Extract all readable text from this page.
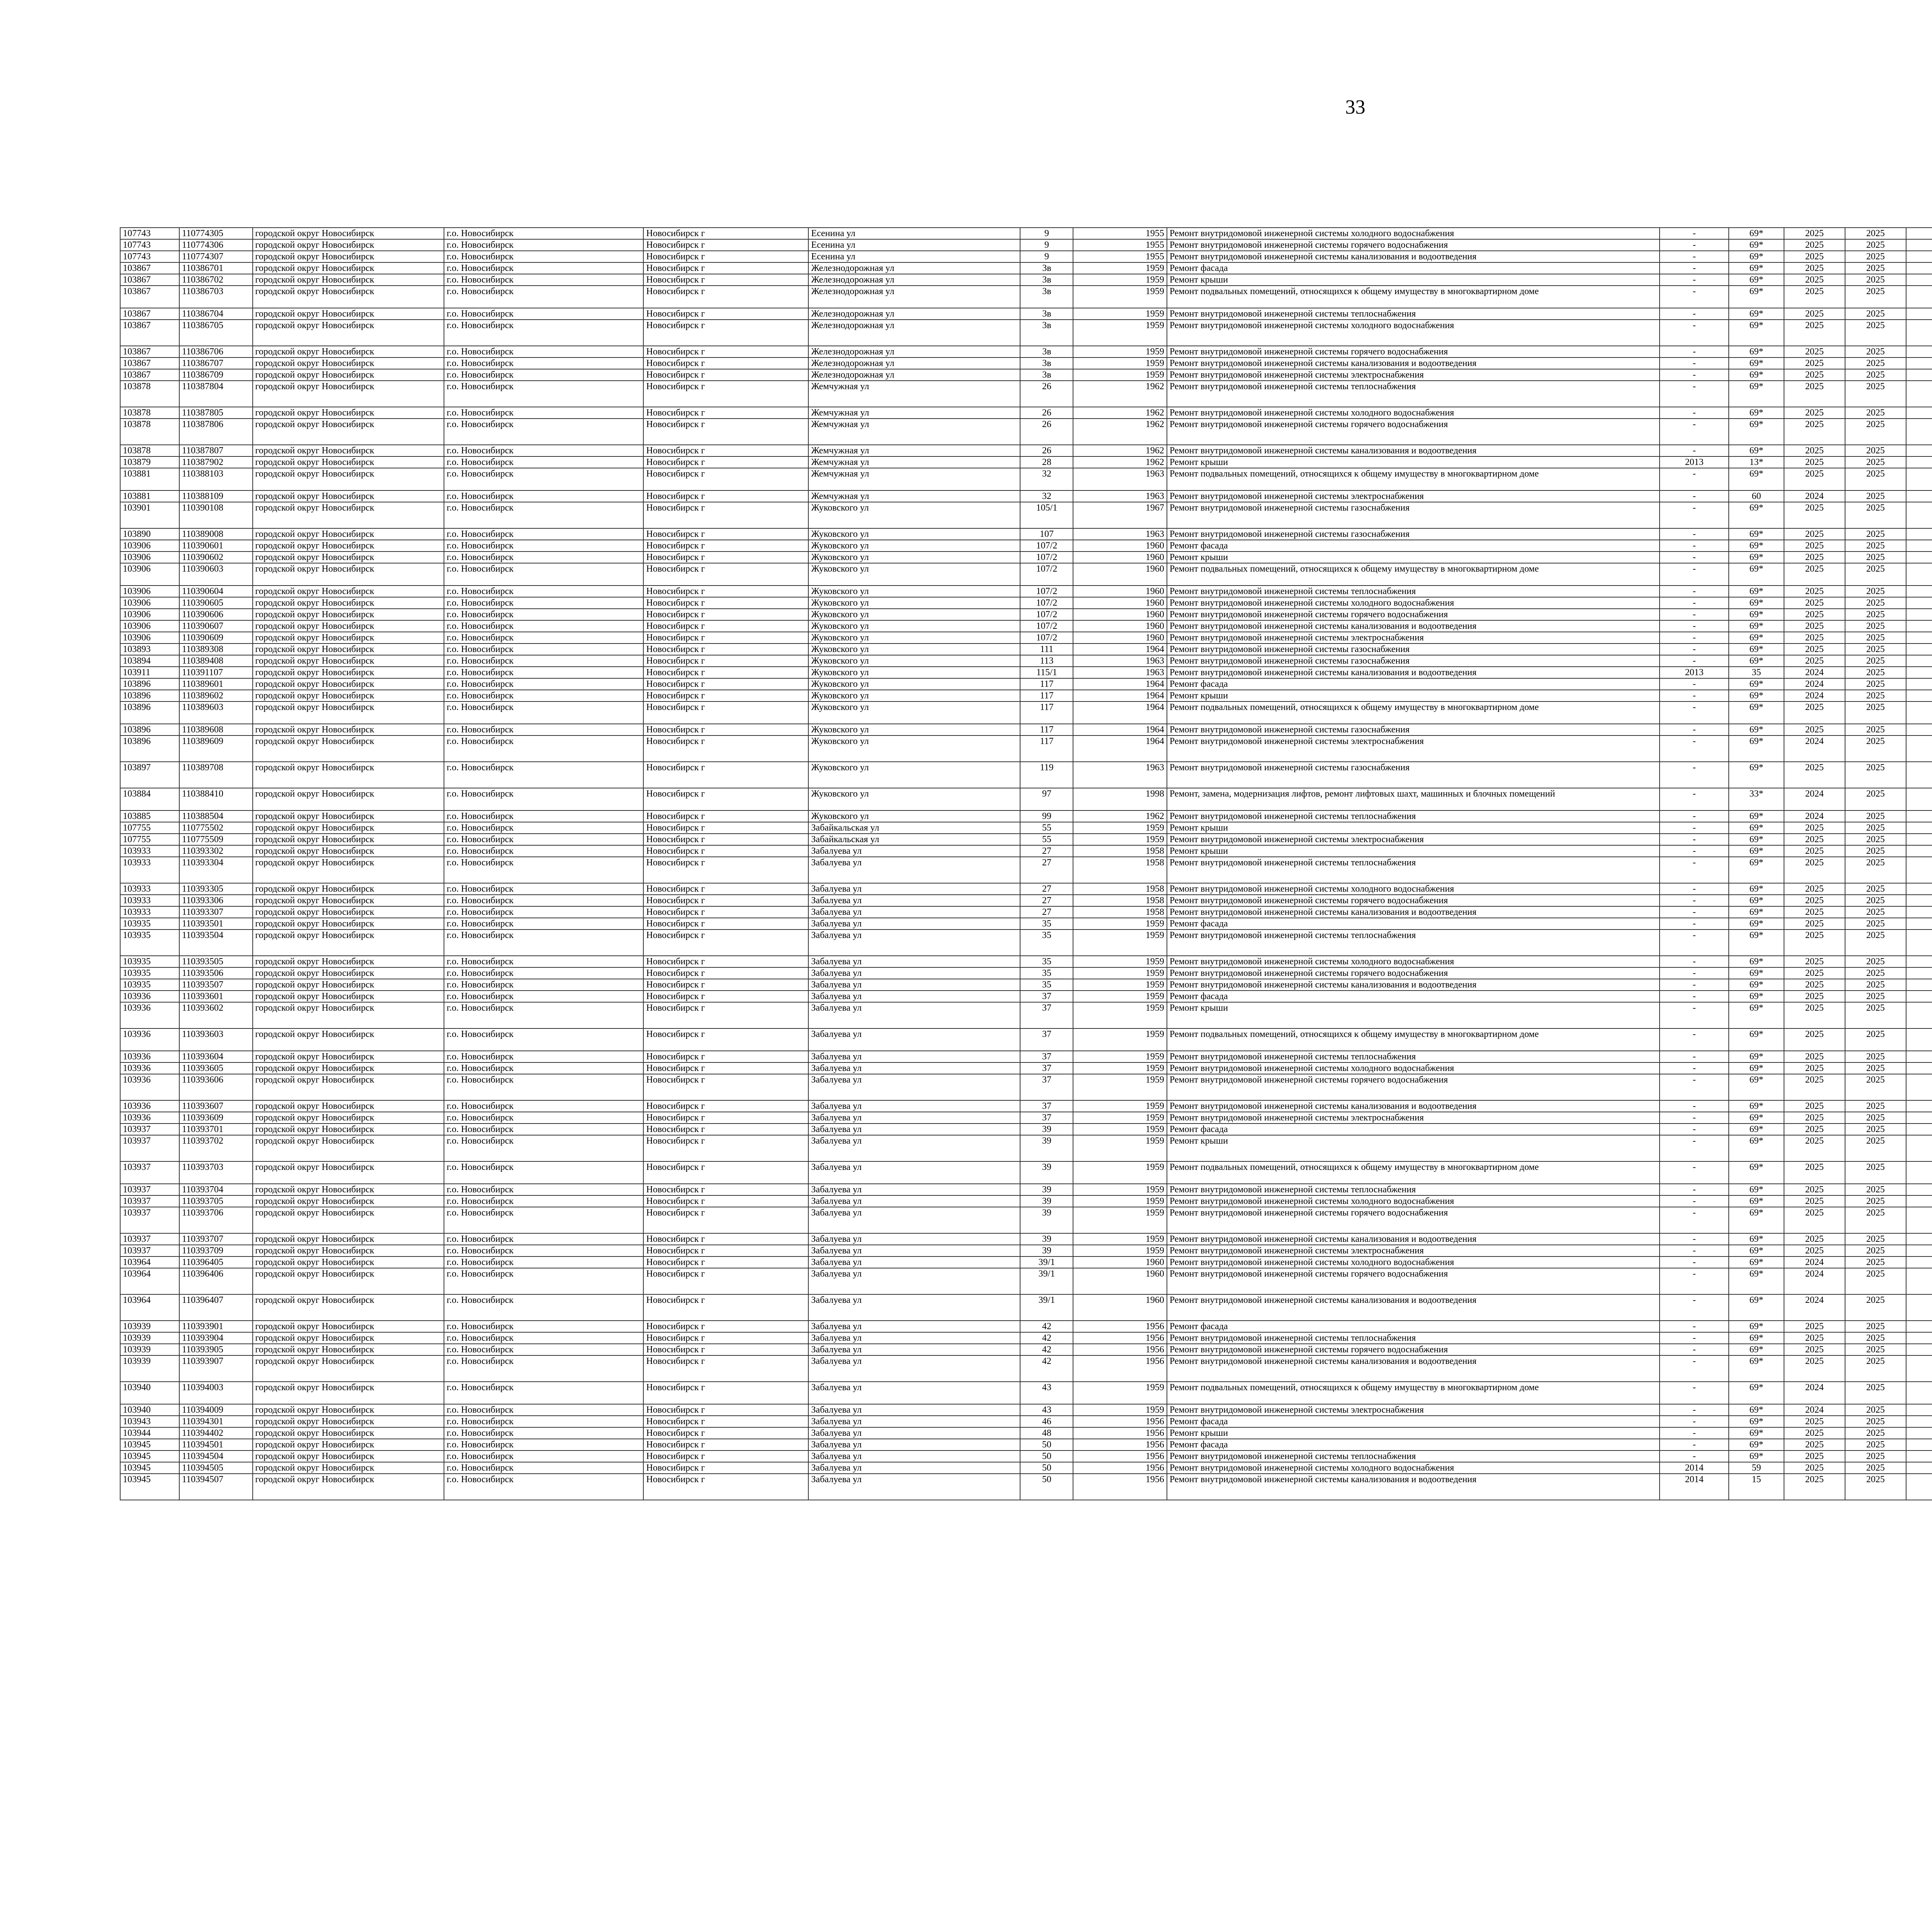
33
107743	110774305	городской округ Новосибирск	г.о. Новосибирск	Новосибирск г	Есенина ул	9	1955	Ремонт внутридомовой инженерной системы холодного водоснабжения	-	69*	2025	2025							
107743	110774306	городской округ Новосибирск	г.о. Новосибирск	Новосибирск г	Есенина ул	9	1955	Ремонт внутридомовой инженерной системы горячего водоснабжения	-	69*	2025	2025							
107743	110774307	городской округ Новосибирск	г.о. Новосибирск	Новосибирск г	Есенина ул	9	1955	Ремонт внутридомовой инженерной системы канализования и водоотведения	-	69*	2025	2025							
103867	110386701	городской округ Новосибирск	г.о. Новосибирск	Новосибирск г	Железнодорожная ул	3в	1959	Ремонт фасада	-	69*	2025	2025							
103867	110386702	городской округ Новосибирск	г.о. Новосибирск	Новосибирск г	Железнодорожная ул	3в	1959	Ремонт крыши	-	69*	2025	2025							
103867	110386703	городской округ Новосибирск	г.о. Новосибирск	Новосибирск г	Железнодорожная ул	3в	1959	Ремонт подвальных помещений, относящихся к общему имуществу в многоквартирном доме	-	69*	2025	2025							
103867	110386704	городской округ Новосибирск	г.о. Новосибирск	Новосибирск г	Железнодорожная ул	3в	1959	Ремонт внутридомовой инженерной системы теплоснабжения	-	69*	2025	2025							
103867	110386705	городской округ Новосибирск	г.о. Новосибирск	Новосибирск г	Железнодорожная ул	3в	1959	Ремонт внутридомовой инженерной системы холодного водоснабжения	-	69*	2025	2025							
103867	110386706	городской округ Новосибирск	г.о. Новосибирск	Новосибирск г	Железнодорожная ул	3в	1959	Ремонт внутридомовой инженерной системы горячего водоснабжения	-	69*	2025	2025							
103867	110386707	городской округ Новосибирск	г.о. Новосибирск	Новосибирск г	Железнодорожная ул	3в	1959	Ремонт внутридомовой инженерной системы канализования и водоотведения	-	69*	2025	2025							
103867	110386709	городской округ Новосибирск	г.о. Новосибирск	Новосибирск г	Железнодорожная ул	3в	1959	Ремонт внутридомовой инженерной системы электроснабжения	-	69*	2025	2025							
103878	110387804	городской округ Новосибирск	г.о. Новосибирск	Новосибирск г	Жемчужная ул	26	1962	Ремонт внутридомовой инженерной системы теплоснабжения	-	69*	2025	2025							
103878	110387805	городской округ Новосибирск	г.о. Новосибирск	Новосибирск г	Жемчужная ул	26	1962	Ремонт внутридомовой инженерной системы холодного водоснабжения	-	69*	2025	2025							
103878	110387806	городской округ Новосибирск	г.о. Новосибирск	Новосибирск г	Жемчужная ул	26	1962	Ремонт внутридомовой инженерной системы горячего водоснабжения	-	69*	2025	2025							
103878	110387807	городской округ Новосибирск	г.о. Новосибирск	Новосибирск г	Жемчужная ул	26	1962	Ремонт внутридомовой инженерной системы канализования и водоотведения	-	69*	2025	2025							
103879	110387902	городской округ Новосибирск	г.о. Новосибирск	Новосибирск г	Жемчужная ул	28	1962	Ремонт крыши	2013	13*	2025	2025							
103881	110388103	городской округ Новосибирск	г.о. Новосибирск	Новосибирск г	Жемчужная ул	32	1963	Ремонт подвальных помещений, относящихся к общему имуществу в многоквартирном доме	-	69*	2025	2025							
103881	110388109	городской округ Новосибирск	г.о. Новосибирск	Новосибирск г	Жемчужная ул	32	1963	Ремонт внутридомовой инженерной системы электроснабжения	-	60	2024	2025							
103901	110390108	городской округ Новосибирск	г.о. Новосибирск	Новосибирск г	Жуковского ул	105/1	1967	Ремонт внутридомовой инженерной системы газоснабжения	-	69*	2025	2025							
103890	110389008	городской округ Новосибирск	г.о. Новосибирск	Новосибирск г	Жуковского ул	107	1963	Ремонт внутридомовой инженерной системы газоснабжения	-	69*	2025	2025							
103906	110390601	городской округ Новосибирск	г.о. Новосибирск	Новосибирск г	Жуковского ул	107/2	1960	Ремонт фасада	-	69*	2025	2025							
103906	110390602	городской округ Новосибирск	г.о. Новосибирск	Новосибирск г	Жуковского ул	107/2	1960	Ремонт крыши	-	69*	2025	2025							
103906	110390603	городской округ Новосибирск	г.о. Новосибирск	Новосибирск г	Жуковского ул	107/2	1960	Ремонт подвальных помещений, относящихся к общему имуществу в многоквартирном доме	-	69*	2025	2025							
103906	110390604	городской округ Новосибирск	г.о. Новосибирск	Новосибирск г	Жуковского ул	107/2	1960	Ремонт внутридомовой инженерной системы теплоснабжения	-	69*	2025	2025							
103906	110390605	городской округ Новосибирск	г.о. Новосибирск	Новосибирск г	Жуковского ул	107/2	1960	Ремонт внутридомовой инженерной системы холодного водоснабжения	-	69*	2025	2025							
103906	110390606	городской округ Новосибирск	г.о. Новосибирск	Новосибирск г	Жуковского ул	107/2	1960	Ремонт внутридомовой инженерной системы горячего водоснабжения	-	69*	2025	2025							
103906	110390607	городской округ Новосибирск	г.о. Новосибирск	Новосибирск г	Жуковского ул	107/2	1960	Ремонт внутридомовой инженерной системы канализования и водоотведения	-	69*	2025	2025							
103906	110390609	городской округ Новосибирск	г.о. Новосибирск	Новосибирск г	Жуковского ул	107/2	1960	Ремонт внутридомовой инженерной системы электроснабжения	-	69*	2025	2025							
103893	110389308	городской округ Новосибирск	г.о. Новосибирск	Новосибирск г	Жуковского ул	111	1964	Ремонт внутридомовой инженерной системы газоснабжения	-	69*	2025	2025							
103894	110389408	городской округ Новосибирск	г.о. Новосибирск	Новосибирск г	Жуковского ул	113	1963	Ремонт внутридомовой инженерной системы газоснабжения	-	69*	2025	2025							
103911	110391107	городской округ Новосибирск	г.о. Новосибирск	Новосибирск г	Жуковского ул	115/1	1963	Ремонт внутридомовой инженерной системы канализования и водоотведения	2013	35	2024	2025							
103896	110389601	городской округ Новосибирск	г.о. Новосибирск	Новосибирск г	Жуковского ул	117	1964	Ремонт фасада	-	69*	2024	2025							
103896	110389602	городской округ Новосибирск	г.о. Новосибирск	Новосибирск г	Жуковского ул	117	1964	Ремонт крыши	-	69*	2024	2025							
103896	110389603	городской округ Новосибирск	г.о. Новосибирск	Новосибирск г	Жуковского ул	117	1964	Ремонт подвальных помещений, относящихся к общему имуществу в многоквартирном доме	-	69*	2025	2025							
103896	110389608	городской округ Новосибирск	г.о. Новосибирск	Новосибирск г	Жуковского ул	117	1964	Ремонт внутридомовой инженерной системы газоснабжения	-	69*	2025	2025							
103896	110389609	городской округ Новосибирск	г.о. Новосибирск	Новосибирск г	Жуковского ул	117	1964	Ремонт внутридомовой инженерной системы электроснабжения	-	69*	2024	2025							
103897	110389708	городской округ Новосибирск	г.о. Новосибирск	Новосибирск г	Жуковского ул	119	1963	Ремонт внутридомовой инженерной системы газоснабжения	-	69*	2025	2025							
103884	110388410	городской округ Новосибирск	г.о. Новосибирск	Новосибирск г	Жуковского ул	97	1998	Ремонт, замена, модернизация лифтов, ремонт лифтовых шахт, машинных и блочных помещений	-	33*	2024	2025							
103885	110388504	городской округ Новосибирск	г.о. Новосибирск	Новосибирск г	Жуковского ул	99	1962	Ремонт внутридомовой инженерной системы теплоснабжения	-	69*	2024	2025							
107755	110775502	городской округ Новосибирск	г.о. Новосибирск	Новосибирск г	Забайкальская ул	55	1959	Ремонт крыши	-	69*	2025	2025							
107755	110775509	городской округ Новосибирск	г.о. Новосибирск	Новосибирск г	Забайкальская ул	55	1959	Ремонт внутридомовой инженерной системы электроснабжения	-	69*	2025	2025							
103933	110393302	городской округ Новосибирск	г.о. Новосибирск	Новосибирск г	Забалуева ул	27	1958	Ремонт крыши	-	69*	2025	2025							
103933	110393304	городской округ Новосибирск	г.о. Новосибирск	Новосибирск г	Забалуева ул	27	1958	Ремонт внутридомовой инженерной системы теплоснабжения	-	69*	2025	2025							
103933	110393305	городской округ Новосибирск	г.о. Новосибирск	Новосибирск г	Забалуева ул	27	1958	Ремонт внутридомовой инженерной системы холодного водоснабжения	-	69*	2025	2025							
103933	110393306	городской округ Новосибирск	г.о. Новосибирск	Новосибирск г	Забалуева ул	27	1958	Ремонт внутридомовой инженерной системы горячего водоснабжения	-	69*	2025	2025							
103933	110393307	городской округ Новосибирск	г.о. Новосибирск	Новосибирск г	Забалуева ул	27	1958	Ремонт внутридомовой инженерной системы канализования и водоотведения	-	69*	2025	2025							
103935	110393501	городской округ Новосибирск	г.о. Новосибирск	Новосибирск г	Забалуева ул	35	1959	Ремонт фасада	-	69*	2025	2025							
103935	110393504	городской округ Новосибирск	г.о. Новосибирск	Новосибирск г	Забалуева ул	35	1959	Ремонт внутридомовой инженерной системы теплоснабжения	-	69*	2025	2025							
103935	110393505	городской округ Новосибирск	г.о. Новосибирск	Новосибирск г	Забалуева ул	35	1959	Ремонт внутридомовой инженерной системы холодного водоснабжения	-	69*	2025	2025							
103935	110393506	городской округ Новосибирск	г.о. Новосибирск	Новосибирск г	Забалуева ул	35	1959	Ремонт внутридомовой инженерной системы горячего водоснабжения	-	69*	2025	2025							
103935	110393507	городской округ Новосибирск	г.о. Новосибирск	Новосибирск г	Забалуева ул	35	1959	Ремонт внутридомовой инженерной системы канализования и водоотведения	-	69*	2025	2025							
103936	110393601	городской округ Новосибирск	г.о. Новосибирск	Новосибирск г	Забалуева ул	37	1959	Ремонт фасада	-	69*	2025	2025							
103936	110393602	городской округ Новосибирск	г.о. Новосибирск	Новосибирск г	Забалуева ул	37	1959	Ремонт крыши	-	69*	2025	2025							
103936	110393603	городской округ Новосибирск	г.о. Новосибирск	Новосибирск г	Забалуева ул	37	1959	Ремонт подвальных помещений, относящихся к общему имуществу в многоквартирном доме	-	69*	2025	2025							
103936	110393604	городской округ Новосибирск	г.о. Новосибирск	Новосибирск г	Забалуева ул	37	1959	Ремонт внутридомовой инженерной системы теплоснабжения	-	69*	2025	2025							
103936	110393605	городской округ Новосибирск	г.о. Новосибирск	Новосибирск г	Забалуева ул	37	1959	Ремонт внутридомовой инженерной системы холодного водоснабжения	-	69*	2025	2025							
103936	110393606	городской округ Новосибирск	г.о. Новосибирск	Новосибирск г	Забалуева ул	37	1959	Ремонт внутридомовой инженерной системы горячего водоснабжения	-	69*	2025	2025							
103936	110393607	городской округ Новосибирск	г.о. Новосибирск	Новосибирск г	Забалуева ул	37	1959	Ремонт внутридомовой инженерной системы канализования и водоотведения	-	69*	2025	2025							
103936	110393609	городской округ Новосибирск	г.о. Новосибирск	Новосибирск г	Забалуева ул	37	1959	Ремонт внутридомовой инженерной системы электроснабжения	-	69*	2025	2025							
103937	110393701	городской округ Новосибирск	г.о. Новосибирск	Новосибирск г	Забалуева ул	39	1959	Ремонт фасада	-	69*	2025	2025							
103937	110393702	городской округ Новосибирск	г.о. Новосибирск	Новосибирск г	Забалуева ул	39	1959	Ремонт крыши	-	69*	2025	2025							
103937	110393703	городской округ Новосибирск	г.о. Новосибирск	Новосибирск г	Забалуева ул	39	1959	Ремонт подвальных помещений, относящихся к общему имуществу в многоквартирном доме	-	69*	2025	2025							
103937	110393704	городской округ Новосибирск	г.о. Новосибирск	Новосибирск г	Забалуева ул	39	1959	Ремонт внутридомовой инженерной системы теплоснабжения	-	69*	2025	2025							
103937	110393705	городской округ Новосибирск	г.о. Новосибирск	Новосибирск г	Забалуева ул	39	1959	Ремонт внутридомовой инженерной системы холодного водоснабжения	-	69*	2025	2025							
103937	110393706	городской округ Новосибирск	г.о. Новосибирск	Новосибирск г	Забалуева ул	39	1959	Ремонт внутридомовой инженерной системы горячего водоснабжения	-	69*	2025	2025							
103937	110393707	городской округ Новосибирск	г.о. Новосибирск	Новосибирск г	Забалуева ул	39	1959	Ремонт внутридомовой инженерной системы канализования и водоотведения	-	69*	2025	2025							
103937	110393709	городской округ Новосибирск	г.о. Новосибирск	Новосибирск г	Забалуева ул	39	1959	Ремонт внутридомовой инженерной системы электроснабжения	-	69*	2025	2025							
103964	110396405	городской округ Новосибирск	г.о. Новосибирск	Новосибирск г	Забалуева ул	39/1	1960	Ремонт внутридомовой инженерной системы холодного водоснабжения	-	69*	2024	2025							
103964	110396406	городской округ Новосибирск	г.о. Новосибирск	Новосибирск г	Забалуева ул	39/1	1960	Ремонт внутридомовой инженерной системы горячего водоснабжения	-	69*	2024	2025							
103964	110396407	городской округ Новосибирск	г.о. Новосибирск	Новосибирск г	Забалуева ул	39/1	1960	Ремонт внутридомовой инженерной системы канализования и водоотведения	-	69*	2024	2025							
103939	110393901	городской округ Новосибирск	г.о. Новосибирск	Новосибирск г	Забалуева ул	42	1956	Ремонт фасада	-	69*	2025	2025							
103939	110393904	городской округ Новосибирск	г.о. Новосибирск	Новосибирск г	Забалуева ул	42	1956	Ремонт внутридомовой инженерной системы теплоснабжения	-	69*	2025	2025							
103939	110393905	городской округ Новосибирск	г.о. Новосибирск	Новосибирск г	Забалуева ул	42	1956	Ремонт внутридомовой инженерной системы горячего водоснабжения	-	69*	2025	2025							
103939	110393907	городской округ Новосибирск	г.о. Новосибирск	Новосибирск г	Забалуева ул	42	1956	Ремонт внутридомовой инженерной системы канализования и водоотведения	-	69*	2025	2025							
103940	110394003	городской округ Новосибирск	г.о. Новосибирск	Новосибирск г	Забалуева ул	43	1959	Ремонт подвальных помещений, относящихся к общему имуществу в многоквартирном доме	-	69*	2024	2025							
103940	110394009	городской округ Новосибирск	г.о. Новосибирск	Новосибирск г	Забалуева ул	43	1959	Ремонт внутридомовой инженерной системы электроснабжения	-	69*	2024	2025							
103943	110394301	городской округ Новосибирск	г.о. Новосибирск	Новосибирск г	Забалуева ул	46	1956	Ремонт фасада	-	69*	2025	2025							
103944	110394402	городской округ Новосибирск	г.о. Новосибирск	Новосибирск г	Забалуева ул	48	1956	Ремонт крыши	-	69*	2025	2025							
103945	110394501	городской округ Новосибирск	г.о. Новосибирск	Новосибирск г	Забалуева ул	50	1956	Ремонт фасада	-	69*	2025	2025							
103945	110394504	городской округ Новосибирск	г.о. Новосибирск	Новосибирск г	Забалуева ул	50	1956	Ремонт внутридомовой инженерной системы теплоснабжения	-	69*	2025	2025							
103945	110394505	городской округ Новосибирск	г.о. Новосибирск	Новосибирск г	Забалуева ул	50	1956	Ремонт внутридомовой инженерной системы холодного водоснабжения	2014	59	2025	2025							
103945	110394507	городской округ Новосибирск	г.о. Новосибирск	Новосибирск г	Забалуева ул	50	1956	Ремонт внутридомовой инженерной системы канализования и водоотведения	2014	15	2025	2025							
